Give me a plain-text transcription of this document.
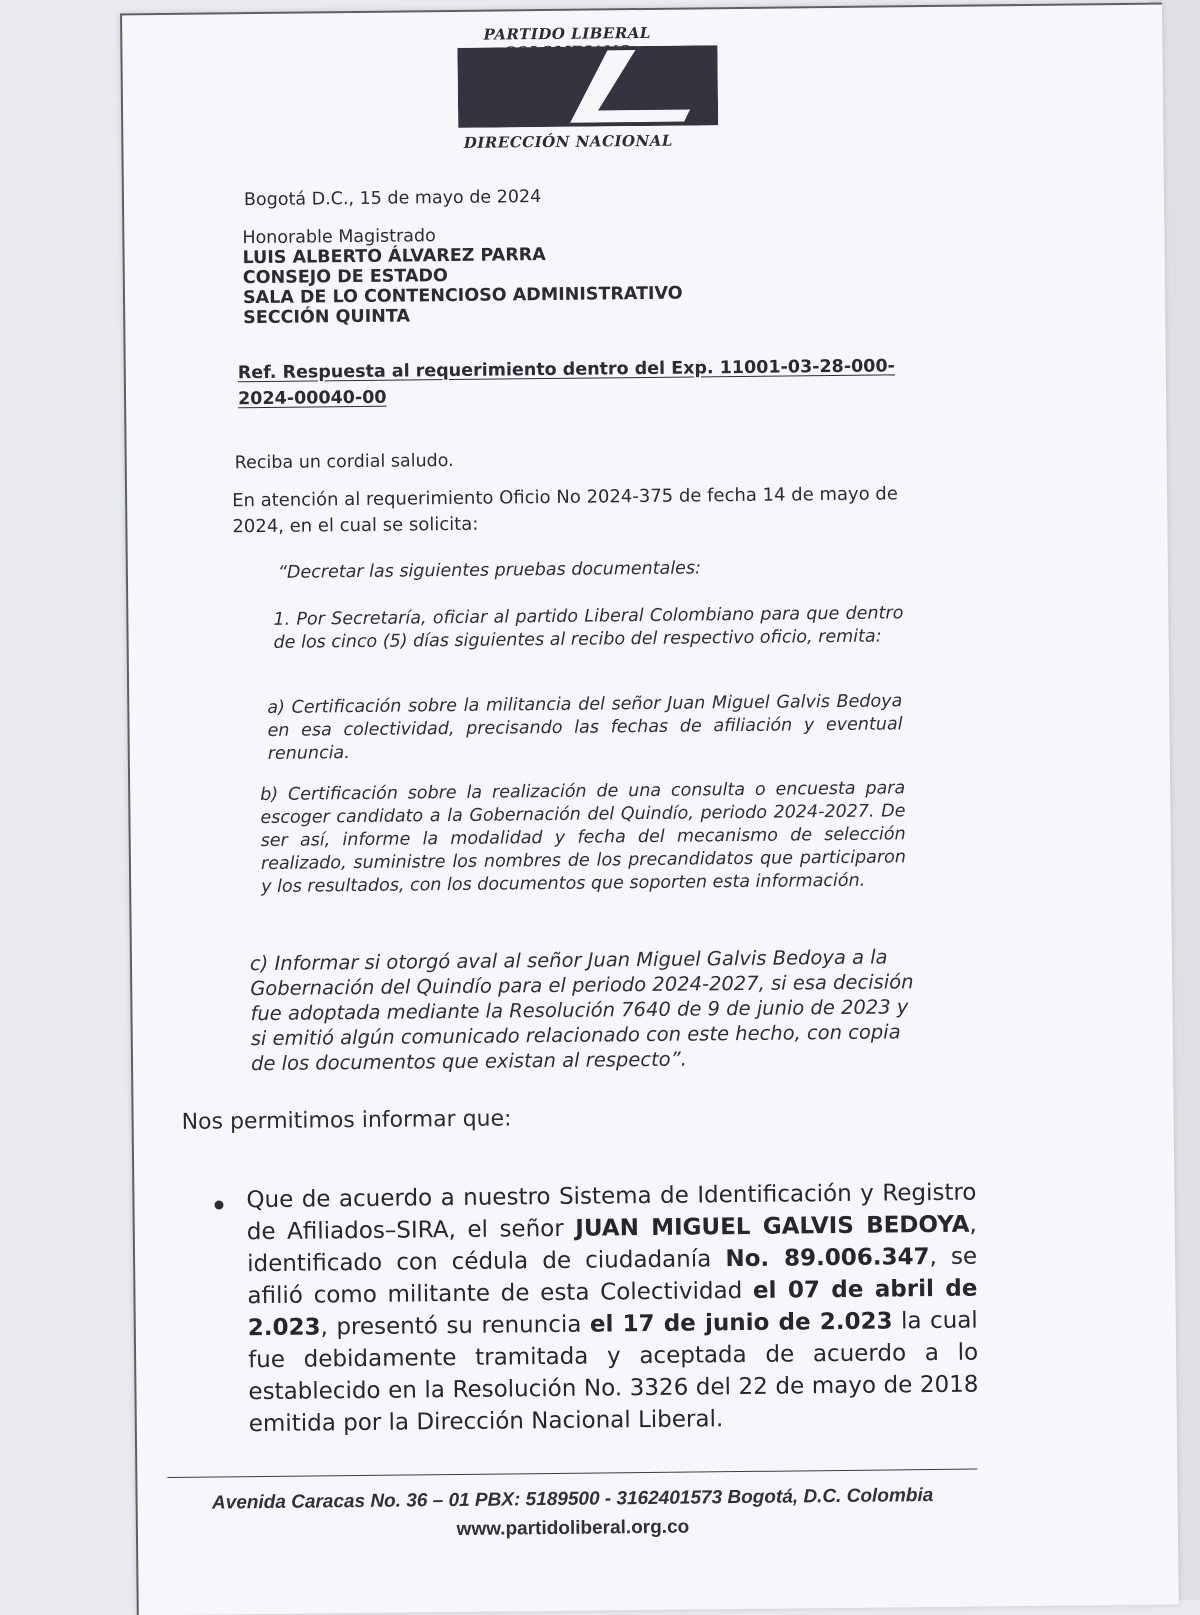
PARTIDO LIBERAL
DIRECCIÓN NACIONAL
Bogotá D.C., 15 de mayo de 2024
Honorable Magistrado
LUIS ALBERTO ÁLVAREZ PARRA
CONSEJO DE ESTADO
SALA DE LO CONTENCIOSO ADMINISTRATIVO
SECCIÓN QUINTA
Ref. Respuesta al requerimiento dentro del Exp. 11001-03-28-000-2024-00040-00
Reciba un cordial saludo.
En atención al requerimiento Oficio No 2024-375 de fecha 14 de mayo de 2024, en el cual se solicita:
“Decretar las siguientes pruebas documentales:
1. Por Secretaría, oficiar al partido Liberal Colombiano para que dentro de los cinco (5) días siguientes al recibo del respectivo oficio, remita:
a) Certificación sobre la militancia del señor Juan Miguel Galvis Bedoya en esa colectividad, precisando las fechas de afiliación y eventual renuncia.
b) Certificación sobre la realización de una consulta o encuesta para escoger candidato a la Gobernación del Quindío, periodo 2024-2027. De ser así, informe la modalidad y fecha del mecanismo de selección realizado, suministre los nombres de los precandidatos que participaron y los resultados, con los documentos que soporten esta información.
c) Informar si otorgó aval al señor Juan Miguel Galvis Bedoya a la Gobernación del Quindío para el periodo 2024-2027, si esa decisión fue adoptada mediante la Resolución 7640 de 9 de junio de 2023 y si emitió algún comunicado relacionado con este hecho, con copia de los documentos que existan al respecto”.
Nos permitimos informar que:
Que de acuerdo a nuestro Sistema de Identificación y Registro de Afiliados–SIRA, el señor JUAN MIGUEL GALVIS BEDOYA, identificado con cédula de ciudadanía No. 89.006.347, se afilió como militante de esta Colectividad el 07 de abril de 2.023, presentó su renuncia el 17 de junio de 2.023 la cual fue debidamente tramitada y aceptada de acuerdo a lo establecido en la Resolución No. 3326 del 22 de mayo de 2018 emitida por la Dirección Nacional Liberal.
Avenida Caracas No. 36 – 01 PBX: 5189500 - 3162401573 Bogotá, D.C. Colombia
www.partidoliberal.org.co
